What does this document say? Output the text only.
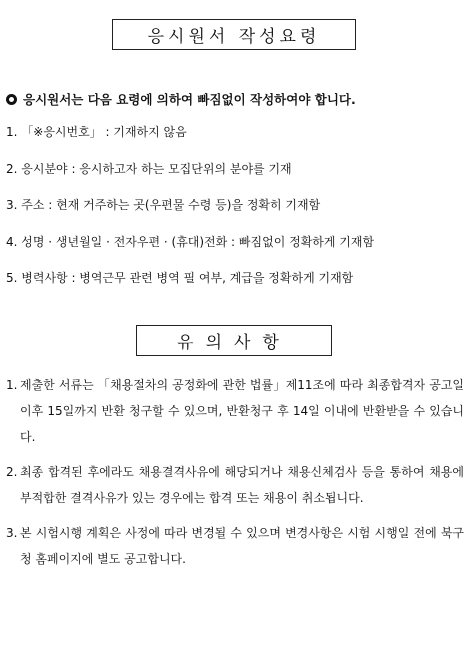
응시원서 작성요령
응시원서는 다음 요령에 의하여 빠짐없이 작성하여야 합니다.
1. 「※응시번호」 : 기재하지 않음
2. 응시분야 : 응시하고자 하는 모집단위의 분야를 기재
3. 주소 : 현재 거주하는 곳(우편물 수령 등)을 정확히 기재함
4. 성명 · 생년월일 · 전자우편 · (휴대)전화 : 빠짐없이 정확하게 기재함
5. 병력사항 : 병역근무 관련 병역 필 여부, 계급을 정확하게 기재함
유의사항
1. 제출한 서류는 「채용절차의 공정화에 관한 법률」제11조에 따라 최종합격자 공고일 이후 15일까지 반환 청구할 수 있으며, 반환청구 후 14일 이내에 반환받을 수 있습니다.
2. 최종 합격된 후에라도 채용결격사유에 해당되거나 채용신체검사 등을 통하여 채용에 부적합한 결격사유가 있는 경우에는 합격 또는 채용이 취소됩니다.
3. 본 시험시행 계획은 사정에 따라 변경될 수 있으며 변경사항은 시험 시행일 전에 북구청 홈페이지에 별도 공고합니다.
